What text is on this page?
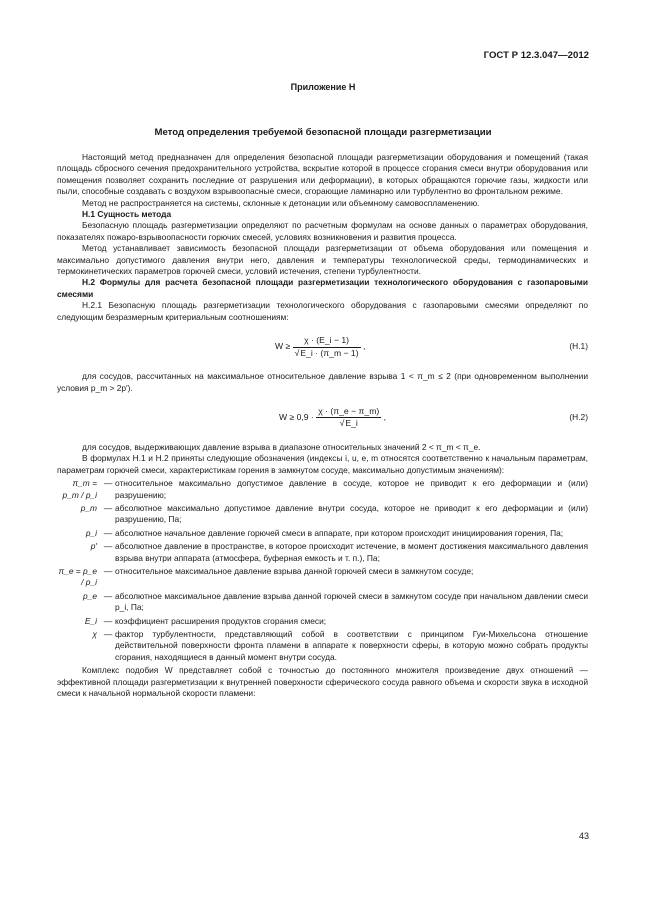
ГОСТ Р 12.3.047—2012
Приложение Н
Метод определения требуемой безопасной площади разгерметизации

Настоящий метод предназначен для определения безопасной площади разгерметизации оборудования и помещений (такая площадь сбросного сечения предохранительного устройства, вскрытие которой в процессе сгорания смеси внутри оборудования или помещения позволяет сохранить последние от разрушения или деформации), в которых обращаются горючие газы, жидкости или пыли, способные создавать с воздухом взрывоопасные смеси, сгорающие ламинарно или турбулентно во фронтальном режиме.

Метод не распространяется на системы, склонные к детонации или объемному самовоспламенению.

Н.1 Сущность метода

Безопасную площадь разгерметизации определяют по расчетным формулам на основе данных о параметрах оборудования, показателях пожаро-взрывоопасности горючих смесей, условиях возникновения и развития процесса.

Метод устанавливает зависимость безопасной площади разгерметизации от объема оборудования или помещения и максимально допустимого давления внутри него, давления и температуры технологической среды, термодинамических и термокинетических параметров горючей смеси, условий истечения, степени турбулентности.

Н.2 Формулы для расчета безопасной площади разгерметизации технологического оборудования с газопаровыми смесями

Н.2.1 Безопасную площадь разгерметизации технологического оборудования с газопаровыми смесями определяют по следующим безразмерным критериальным соотношениям:

$W \ge \frac{\chi \cdot (E\_i - 1)}{√E\_i \cdot (\pi\_m - 1)}$ ,	(Н.1)

для сосудов, рассчитанных на максимальное относительное давление взрыва 1 < π_m ≤ 2 (при одновременном выполнении условия p_m > 2p′).

$W \ge 0,9 \cdot \frac{\chi \cdot (\pi\_e - \pi\_m)}{√E\_i}$ ,	(Н.2)

для сосудов, выдерживающих давление взрыва в диапазоне относительных значений 2 < π_m < π_e.

В формулах Н.1 и Н.2 приняты следующие обозначения (индексы i, u, e, m относятся соответственно к начальным параметрам, параметрам горючей смеси, характеристикам горения в замкнутом сосуде, максимально допустимым значениям):

π_m = p_m / p_i
— относительное максимально допустимое давление в сосуде, которое не приводит к его деформации и (или) разрушению;
p_m — абсолютное максимально допустимое давление внутри сосуда, которое не приводит к его деформации и (или) разрушению, Па;
p_i — абсолютное начальное давление горючей смеси в аппарате, при котором происходит инициирования горения, Па;
p′ — абсолютное давление в пространстве, в которое происходит истечение, в момент достижения максимального давления взрыва внутри аппарата (атмосфера, буферная емкость и т. п.), Па;
π_e = p_e / p_i
— относительное максимальное давление взрыва данной горючей смеси в замкнутом сосуде;
p_e — абсолютное максимальное давление взрыва данной горючей смеси в замкнутом сосуде при начальном давлении смеси p_i, Па;
E_i — коэффициент расширения продуктов сгорания смеси;
χ — фактор турбулентности, представляющий собой в соответствии с принципом Гуи-Михельсона отношение действительной поверхности фронта пламени в аппарате к поверхности сферы, в которую можно собрать продукты сгорания, находящиеся в данный момент внутри сосуда.

Комплекс подобия W представляет собой с точностью до постоянного множителя произведение двух отношений — эффективной площади разгерметизации к внутренней поверхности сферического сосуда равного объема и скорости звука в исходной смеси к начальной нормальной скорости пламени:

43
